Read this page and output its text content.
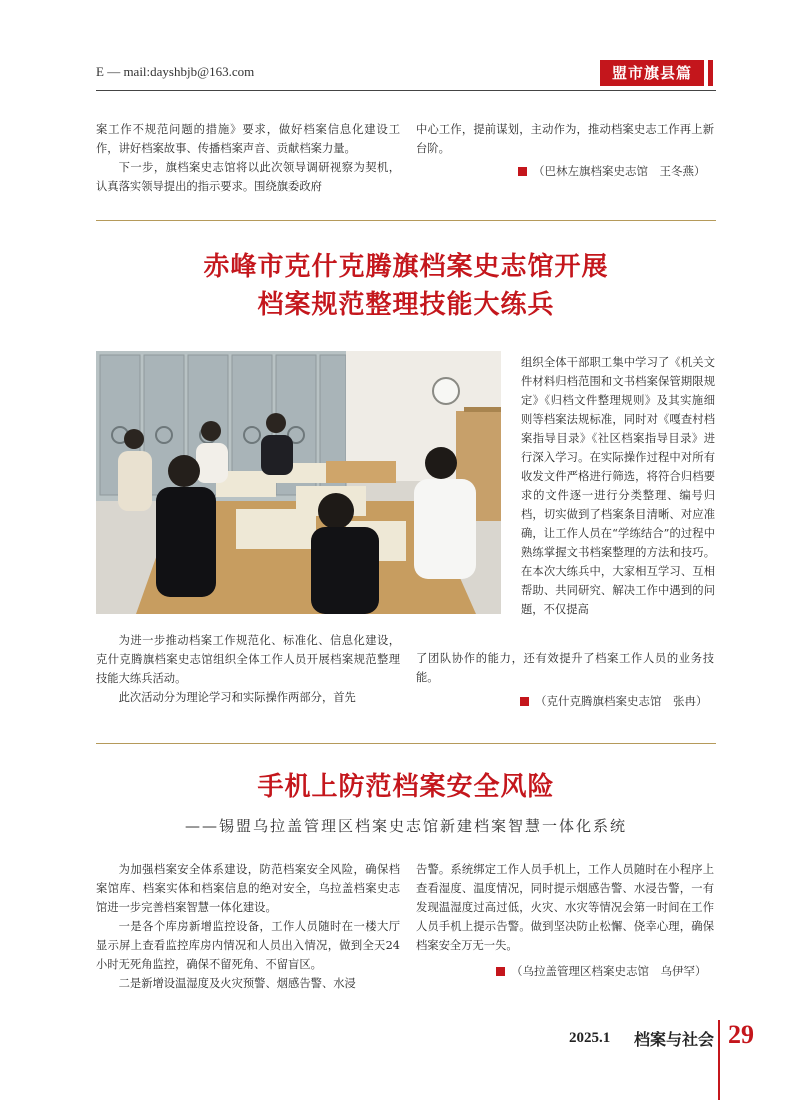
E — mail:dayshbjb@163.com	盟市旗县篇

案工作不规范问题的措施》要求，做好档案信息化建设工作，讲好档案故事、传播档案声音、贡献档案力量。

下一步，旗档案史志馆将以此次领导调研视察为契机，认真落实领导提出的指示要求。围绕旗委政府

中心工作，提前谋划，主动作为，推动档案史志工作再上新台阶。

（巴林左旗档案史志馆　王冬燕）
赤峰市克什克腾旗档案史志馆开展
档案规范整理技能大练兵

组织全体干部职工集中学习了《机关文件材料归档范围和文书档案保管期限规定》《归档文件整理规则》及其实施细则等档案法规标准，同时对《嘎查村档案指导目录》《社区档案指导目录》进行深入学习。在实际操作过程中对所有收发文件严格进行筛选，将符合归档要求的文件逐一进行分类整理、编号归档，切实做到了档案条目清晰、对应准确，让工作人员在“学练结合”的过程中熟练掌握文书档案整理的方法和技巧。在本次大练兵中，大家相互学习、互相帮助、共同研究、解决工作中遇到的问题，不仅提高

了团队协作的能力，还有效提升了档案工作人员的业务技能。

为进一步推动档案工作规范化、标准化、信息化建设，克什克腾旗档案史志馆组织全体工作人员开展档案规范整理技能大练兵活动。

此次活动分为理论学习和实际操作两部分，首先	（克什克腾旗档案史志馆　张冉）
手机上防范档案安全风险
——锡盟乌拉盖管理区档案史志馆新建档案智慧一体化系统

为加强档案安全体系建设，防范档案安全风险，确保档案馆库、档案实体和档案信息的绝对安全，乌拉盖档案史志馆进一步完善档案智慧一体化建设。

一是各个库房新增监控设备，工作人员随时在一楼大厅显示屏上查看监控库房内情况和人员出入情况，做到全天24小时无死角监控，确保不留死角、不留盲区。

二是新增设温湿度及火灾预警、烟感告警、水浸

告警。系统绑定工作人员手机上，工作人员随时在小程序上查看湿度、温度情况，同时提示烟感告警、水浸告警，一有发现温湿度过高过低，火灾、水灾等情况会第一时间在工作人员手机上提示告警。做到坚决防止松懈、侥幸心理，确保档案安全万无一失。

（乌拉盖管理区档案史志馆　乌伊罕）
2025.1 档案与社会 29
